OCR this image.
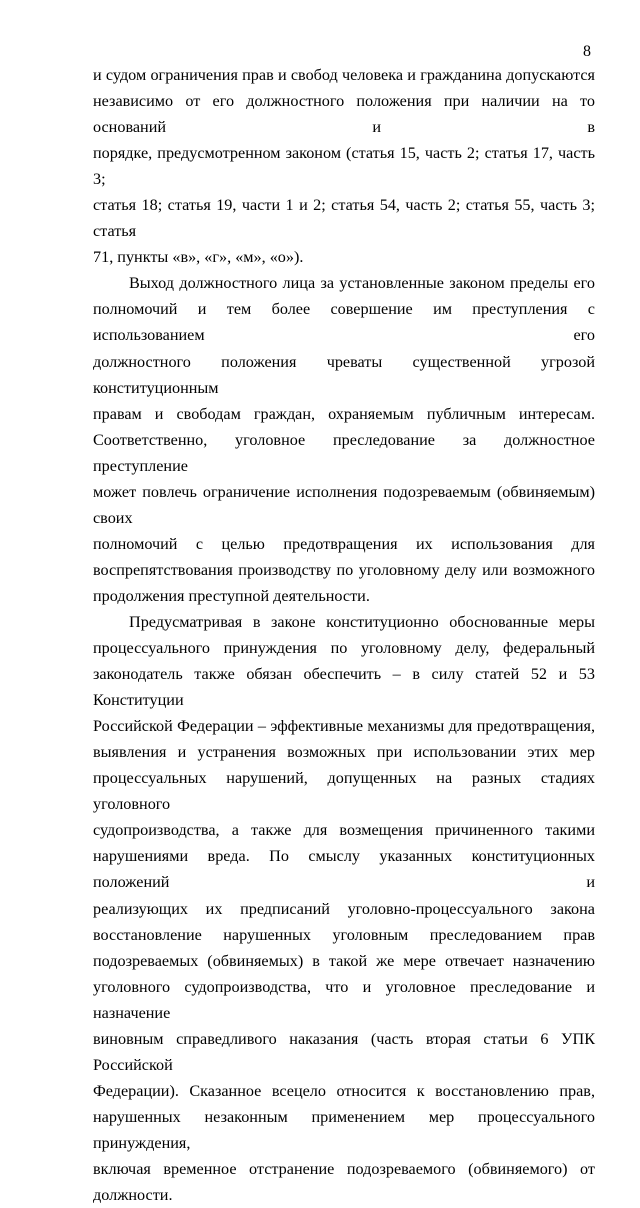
8

и судом ограничения прав и свобод человека и гражданина допускаются
независимо от его должностного положения при наличии на то оснований и в
порядке, предусмотренном законом (статья 15, часть 2; статья 17, часть 3;
статья 18; статья 19, части 1 и 2; статья 54, часть 2; статья 55, часть 3; статья
71, пункты «в», «г», «м», «о»).
Выход должностного лица за установленные законом пределы его
полномочий и тем более совершение им преступления с использованием его
должностного положения чреваты существенной угрозой конституционным
правам и свободам граждан, охраняемым публичным интересам.
Соответственно, уголовное преследование за должностное преступление
может повлечь ограничение исполнения подозреваемым (обвиняемым) своих
полномочий с целью предотвращения их использования для
воспрепятствования производству по уголовному делу или возможного
продолжения преступной деятельности.
Предусматривая в законе конституционно обоснованные меры
процессуального принуждения по уголовному делу, федеральный
законодатель также обязан обеспечить – в силу статей 52 и 53 Конституции
Российской Федерации – эффективные механизмы для предотвращения,
выявления и устранения возможных при использовании этих мер
процессуальных нарушений, допущенных на разных стадиях уголовного
судопроизводства, а также для возмещения причиненного такими
нарушениями вреда. По смыслу указанных конституционных положений и
реализующих их предписаний уголовно-процессуального закона
восстановление нарушенных уголовным преследованием прав
подозреваемых (обвиняемых) в такой же мере отвечает назначению
уголовного судопроизводства, что и уголовное преследование и назначение
виновным справедливого наказания (часть вторая статьи 6 УПК Российской
Федерации). Сказанное всецело относится к восстановлению прав,
нарушенных незаконным применением мер процессуального принуждения,
включая временное отстранение подозреваемого (обвиняемого) от
должности.
